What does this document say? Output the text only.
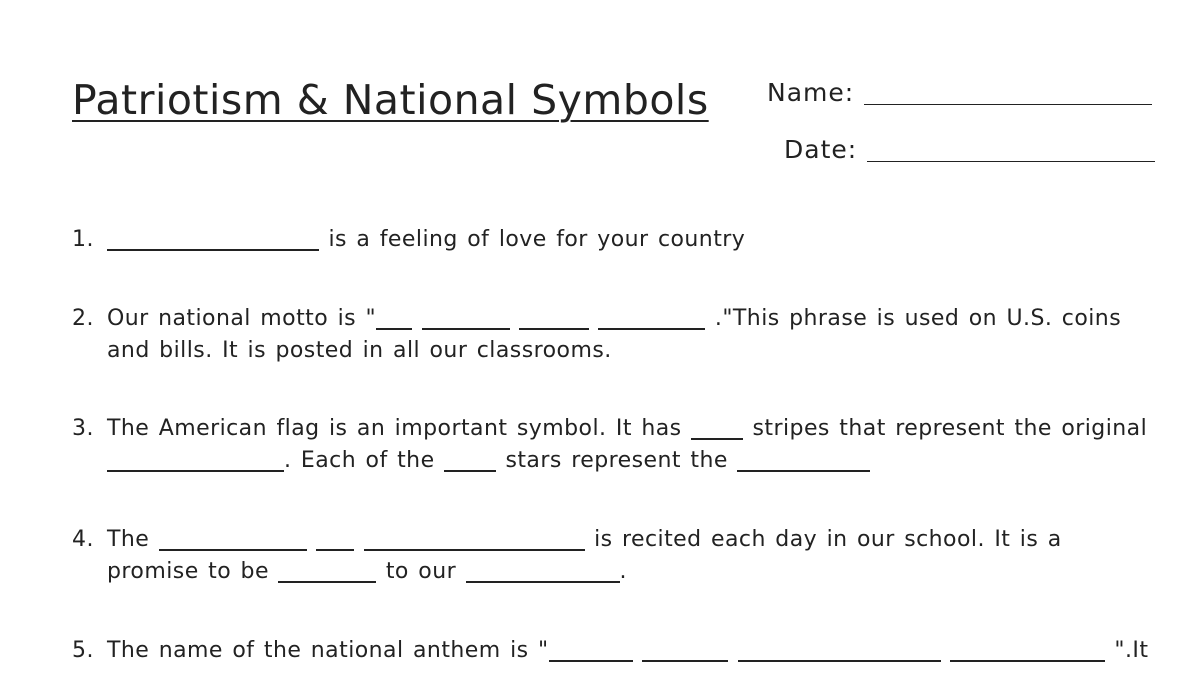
Patriotism & National Symbols Name:
Date:
1.	is a feeling of love for your country
2. Our national motto is "	."This phrase is used on U.S. coins and bills. It is posted in all our classrooms.
3. The American flag is an important symbol. It has  stripes that represent the original . Each of the  stars represent the
4. The	is recited each day in our school. It is a promise to be	to our	.
5. The name of the national anthem is "	".It
